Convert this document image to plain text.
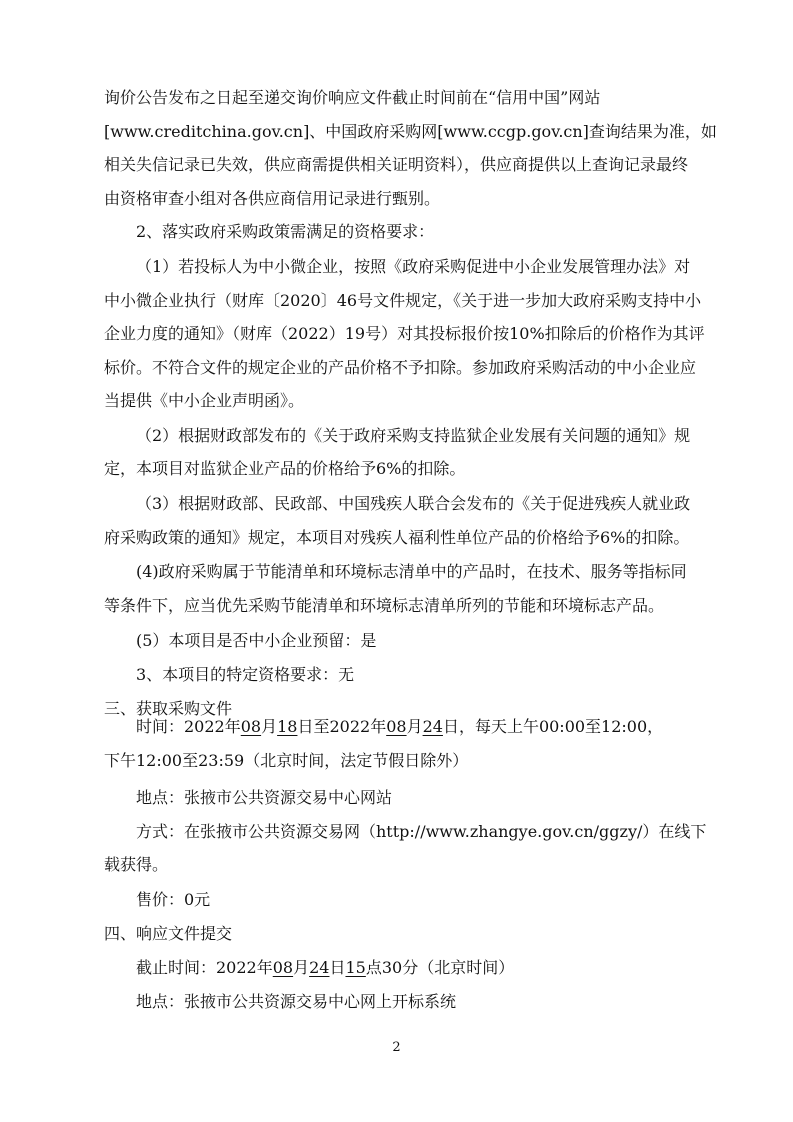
询价公告发布之日起至递交询价响应文件截止时间前在“信用中国”网站
[www.creditchina.gov.cn]、中国政府采购网[www.ccgp.gov.cn]查询结果为准，如
相关失信记录已失效，供应商需提供相关证明资料），供应商提供以上查询记录最终
由资格审查小组对各供应商信用记录进行甄别。
2、落实政府采购政策需满足的资格要求：
（1）若投标人为中小微企业，按照《政府采购促进中小企业发展管理办法》对
中小微企业执行（财库〔2020〕46号文件规定，《关于进一步加大政府采购支持中小
企业力度的通知》（财库（2022）19号）对其投标报价按10%扣除后的价格作为其评
标价。不符合文件的规定企业的产品价格不予扣除。参加政府采购活动的中小企业应
当提供《中小企业声明函》。
（2）根据财政部发布的《关于政府采购支持监狱企业发展有关问题的通知》规
定，本项目对监狱企业产品的价格给予6%的扣除。
（3）根据财政部、民政部、中国残疾人联合会发布的《关于促进残疾人就业政
府采购政策的通知》规定，本项目对残疾人福利性单位产品的价格给予6%的扣除。
(4)政府采购属于节能清单和环境标志清单中的产品时，在技术、服务等指标同
等条件下，应当优先采购节能清单和环境标志清单所列的节能和环境标志产品。
(5）本项目是否中小企业预留：是
3、本项目的特定资格要求：无
三、获取采购文件
时间：2022年08月18日至2022年08月24日，每天上午00:00至12:00，
下午12:00至23:59（北京时间，法定节假日除外）
地点：张掖市公共资源交易中心网站
方式：在张掖市公共资源交易网（http://www.zhangye.gov.cn/ggzy/）在线下
载获得。
售价：0元
四、响应文件提交
截止时间：2022年08月24日15点30分（北京时间）
地点：张掖市公共资源交易中心网上开标系统
2
